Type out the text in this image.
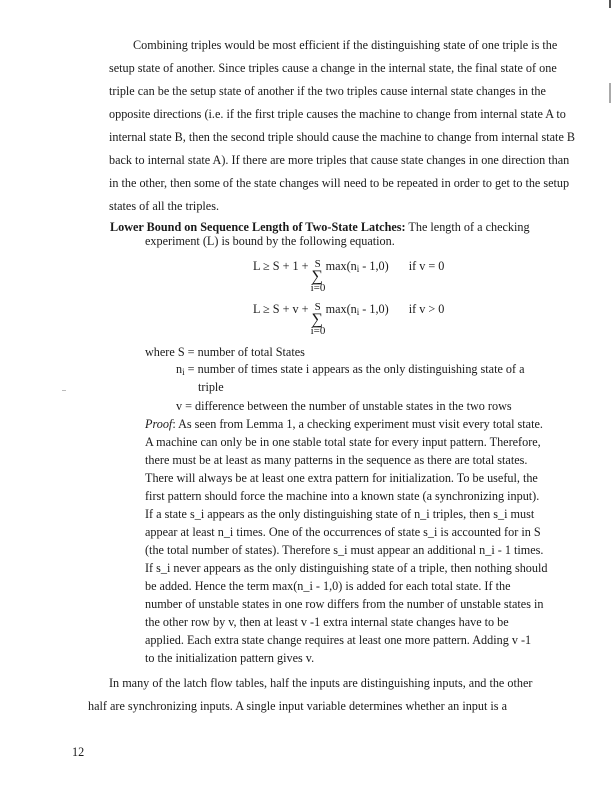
Combining triples would be most efficient if the distinguishing state of one triple is the
setup state of another. Since triples cause a change in the internal state, the final state of one
triple can be the setup state of another if the two triples cause internal state changes in the
opposite directions (i.e. if the first triple causes the machine to change from internal state A to
internal state B, then the second triple should cause the machine to change from internal state B
back to internal state A). If there are more triples that cause state changes in one direction than
in the other, then some of the state changes will need to be repeated in order to get to the setup
states of all the triples.
Lower Bound on Sequence Length of Two-State Latches: The length of a checking
experiment (L) is bound by the following equation.
L ≥ S + 1 + S
∑
i=0
max(ni - 1,0) if v = 0
L ≥ S + v + S
∑
i=0
max(ni - 1,0) if v > 0
where S = number of total States
ni = number of times state i appears as the only distinguishing state of a
triple
v = difference between the number of unstable states in the two rows
Proof: As seen from Lemma 1, a checking experiment must visit every total state.
A machine can only be in one stable total state for every input pattern. Therefore,
there must be at least as many patterns in the sequence as there are total states.
There will always be at least one extra pattern for initialization. To be useful, the
first pattern should force the machine into a known state (a synchronizing input).
If a state s_i appears as the only distinguishing state of n_i triples, then s_i must
appear at least n_i times. One of the occurrences of state s_i is accounted for in S
(the total number of states). Therefore s_i must appear an additional n_i - 1 times.
If s_i never appears as the only distinguishing state of a triple, then nothing should
be added. Hence the term max(n_i - 1,0) is added for each total state. If the
number of unstable states in one row differs from the number of unstable states in
the other row by v, then at least v -1 extra internal state changes have to be
applied. Each extra state change requires at least one more pattern. Adding v -1
to the initialization pattern gives v.
In many of the latch flow tables, half the inputs are distinguishing inputs, and the other
half are synchronizing inputs. A single input variable determines whether an input is a
12
